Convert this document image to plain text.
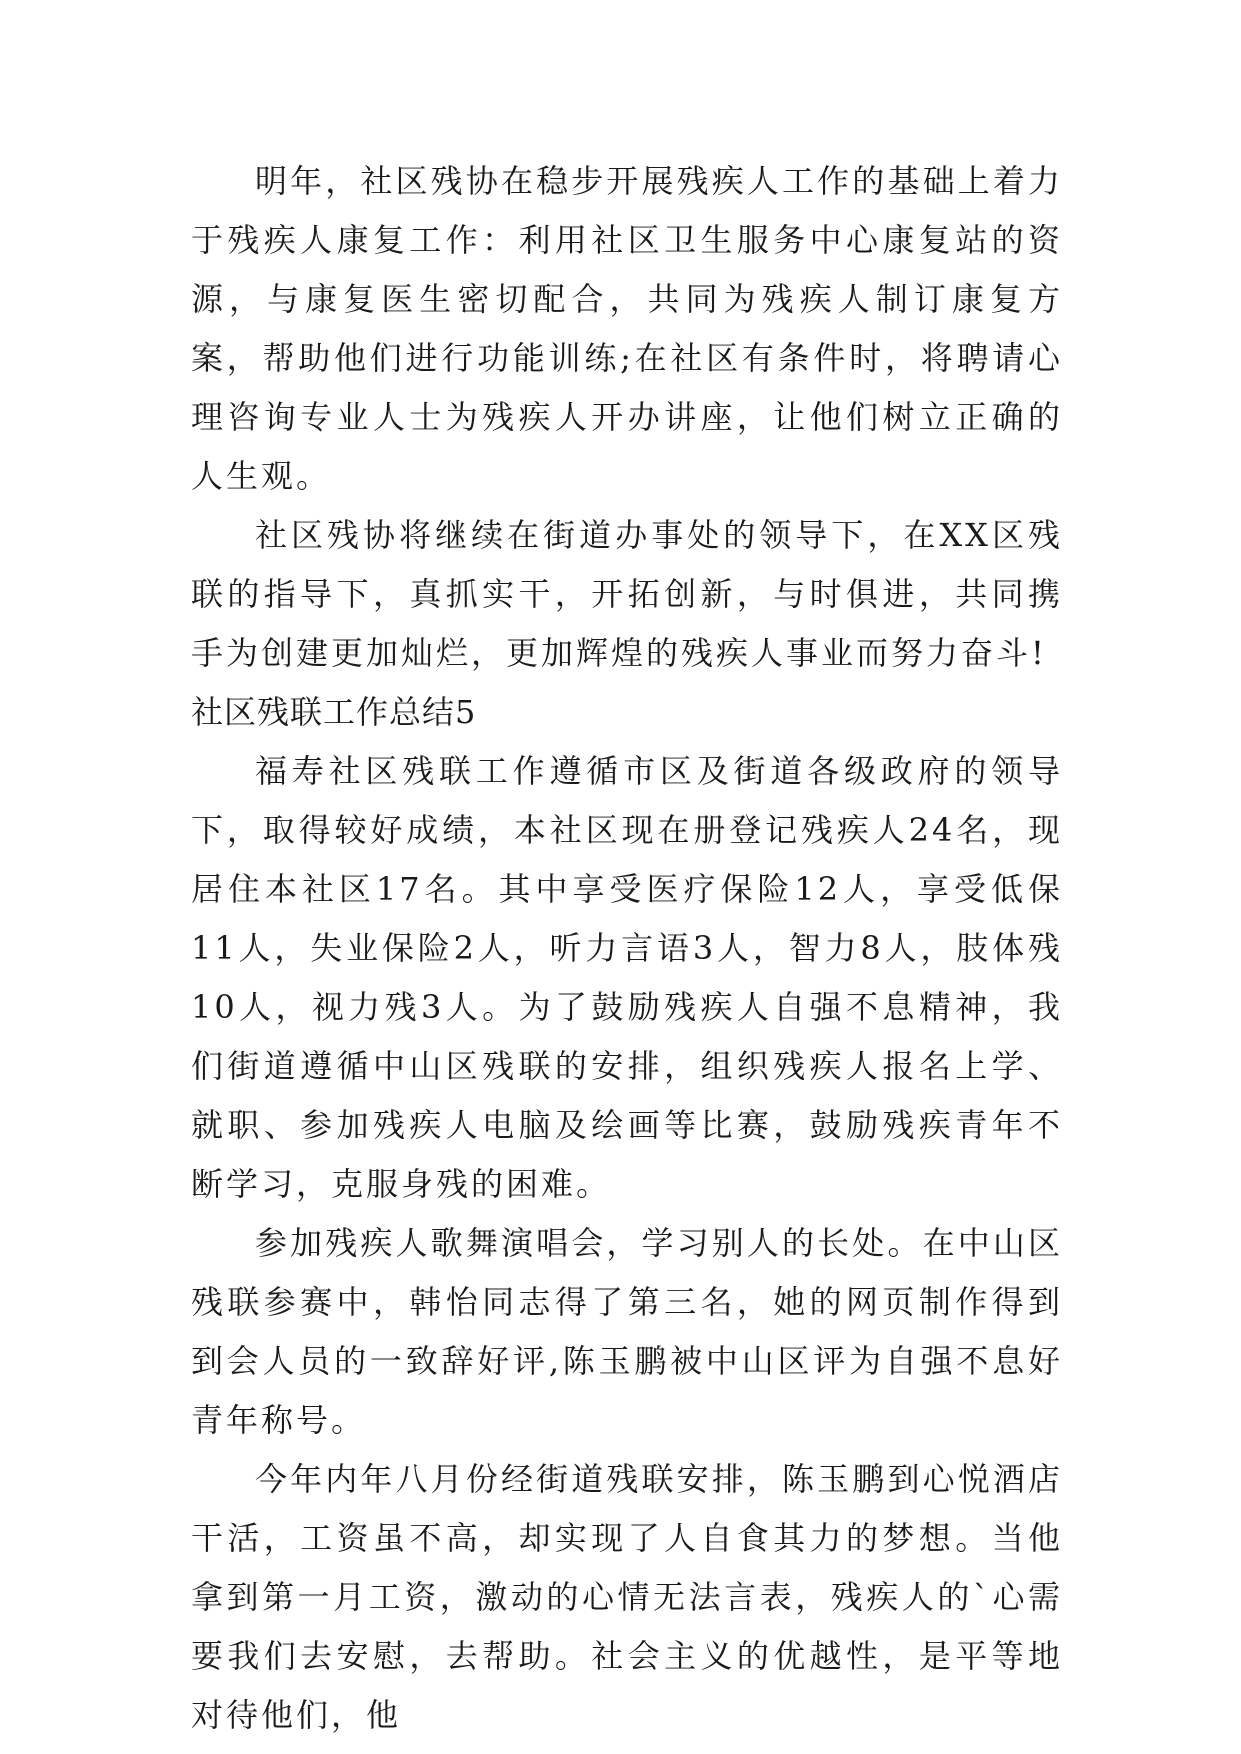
明年，社区残协在稳步开展残疾人工作的基础上着力于残疾人康复工作：利用社区卫生服务中心康复站的资源，与康复医生密切配合，共同为残疾人制订康复方案，帮助他们进行功能训练;在社区有条件时，将聘请心理咨询专业人士为残疾人开办讲座，让他们树立正确的人生观。

社区残协将继续在街道办事处的领导下，在XX区残联的指导下，真抓实干，开拓创新，与时俱进，共同携手为创建更加灿烂，更加辉煌的残疾人事业而努力奋斗!

社区残联工作总结5

福寿社区残联工作遵循市区及街道各级政府的领导下，取得较好成绩，本社区现在册登记残疾人24名，现居住本社区17名。其中享受医疗保险12人，享受低保11人，失业保险2人，听力言语3人，智力8人，肢体残10人，视力残3人。为了鼓励残疾人自强不息精神，我们街道遵循中山区残联的安排，组织残疾人报名上学、就职、参加残疾人电脑及绘画等比赛，鼓励残疾青年不断学习，克服身残的困难。

参加残疾人歌舞演唱会，学习别人的长处。在中山区残联参赛中，韩怡同志得了第三名，她的网页制作得到到会人员的一致辞好评,陈玉鹏被中山区评为自强不息好青年称号。

今年内年八月份经街道残联安排，陈玉鹏到心悦酒店干活，工资虽不高，却实现了人自食其力的梦想。当他拿到第一月工资，激动的心情无法言表，残疾人的`心需要我们去安慰，去帮助。社会主义的优越性，是平等地对待他们，他
